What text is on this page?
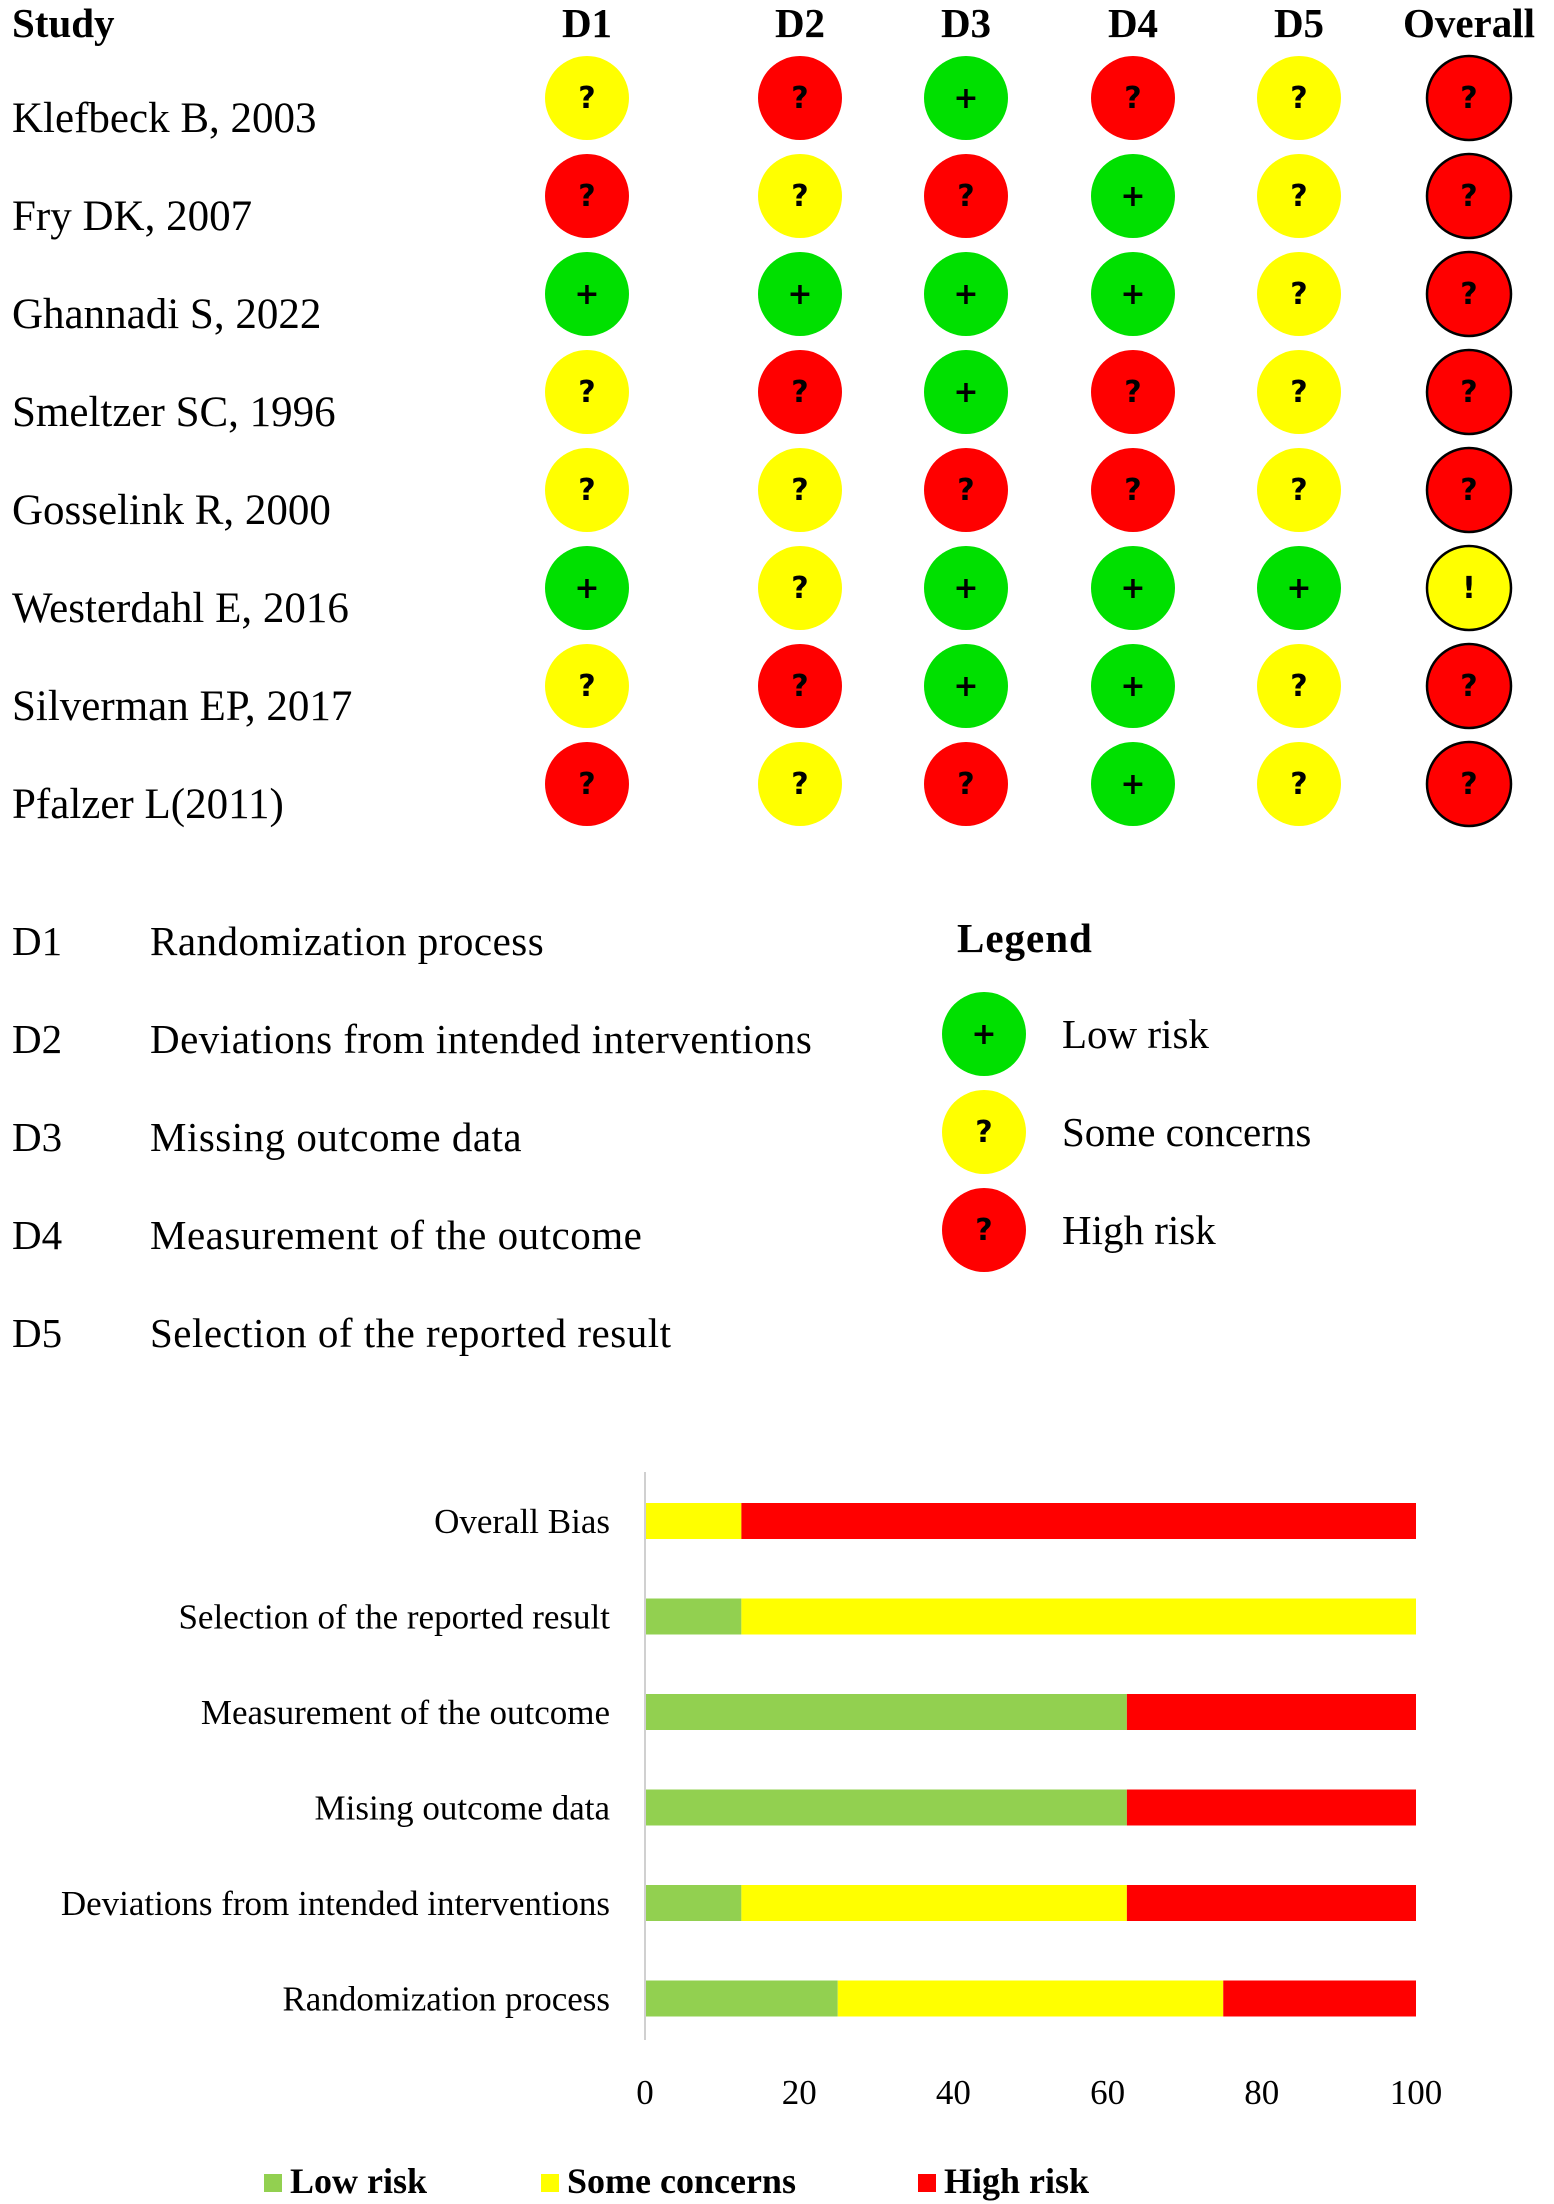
Study	D1	D2	D3	D4	D5 Overall
Klefbeck B, 2003	?	?	+	?	?	?
Fry DK, 2007	?	?	?	+	?	?
Ghannadi S, 2022	+	+	+	+	?	?
Smeltzer SC, 1996	?	?	+	?	?	?
Gosselink R, 2000	?	?	?	?	?	?
Westerdahl E, 2016	+	?	+	+	+	!
Silverman EP, 2017	?	?	+	+	?	?
Pfalzer L(2011)	?	?	?	+	?	?
D1 Randomization process
D2 Deviations from intended interventions
D3 Missing outcome data
D4 Measurement of the outcome
D5 Selection of the reported result
Legend
+ Low risk
? Some concerns
? High risk
Overall Bias
Selection of the reported result
Measurement of the outcome
Mising outcome data
Deviations from intended interventions
Randomization process
0	20	40	60	80	100
Low risk	Some concerns	High risk
